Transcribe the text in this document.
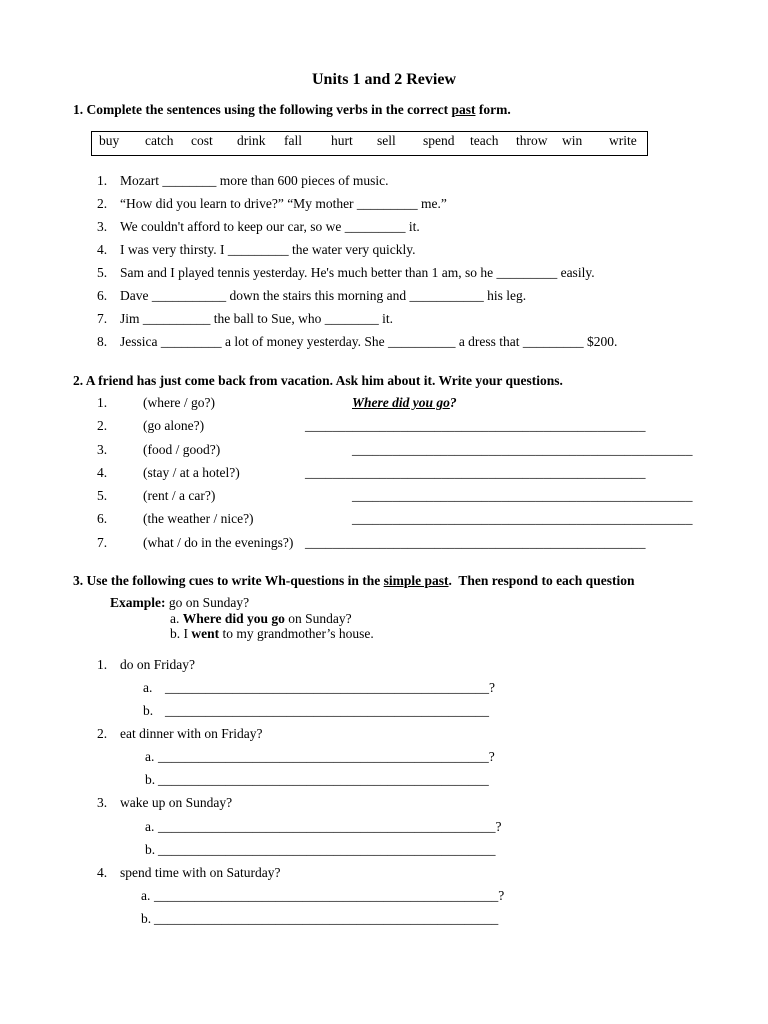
Units 1 and 2 Review
1. Complete the sentences using the following verbs in the correct past form.
buy catch cost drink fall hurt sell spend teach throw win write
1. Mozart ________ more than 600 pieces of music.
2. “How did you learn to drive?” “My mother _________ me.”
3. We couldn't afford to keep our car, so we _________ it.
4. I was very thirsty. I _________ the water very quickly.
5. Sam and I played tennis yesterday. He's much better than 1 am, so he _________ easily.
6. Dave ___________ down the stairs this morning and ___________ his leg.
7. Jim __________ the ball to Sue, who ________ it.
8. Jessica _________ a lot of money yesterday. She __________ a dress that _________ $200.
2. A friend has just come back from vacation. Ask him about it. Write your questions.
1.	(where / go?)	Where did you go?
2.	(go alone?)	__________________________________________________
3.	(food / good?)	__________________________________________________
4.	(stay / at a hotel?)	__________________________________________________
5.	(rent / a car?)	__________________________________________________
6.	(the weather / nice?)	__________________________________________________
7.	(what / do in the evenings?) __________________________________________________
3. Use the following cues to write Wh-questions in the simple past.  Then respond to each question
Example: go on Sunday?
a. Where did you go on Sunday?
b. I went to my grandmother’s house.
1. do on Friday?
a. ________________________________________________?
b. ________________________________________________
2. eat dinner with on Friday?
a. _________________________________________________?
b. _________________________________________________
3. wake up on Sunday?
a. __________________________________________________?
b. __________________________________________________
4. spend time with on Saturday?
a. ___________________________________________________?
b. ___________________________________________________
